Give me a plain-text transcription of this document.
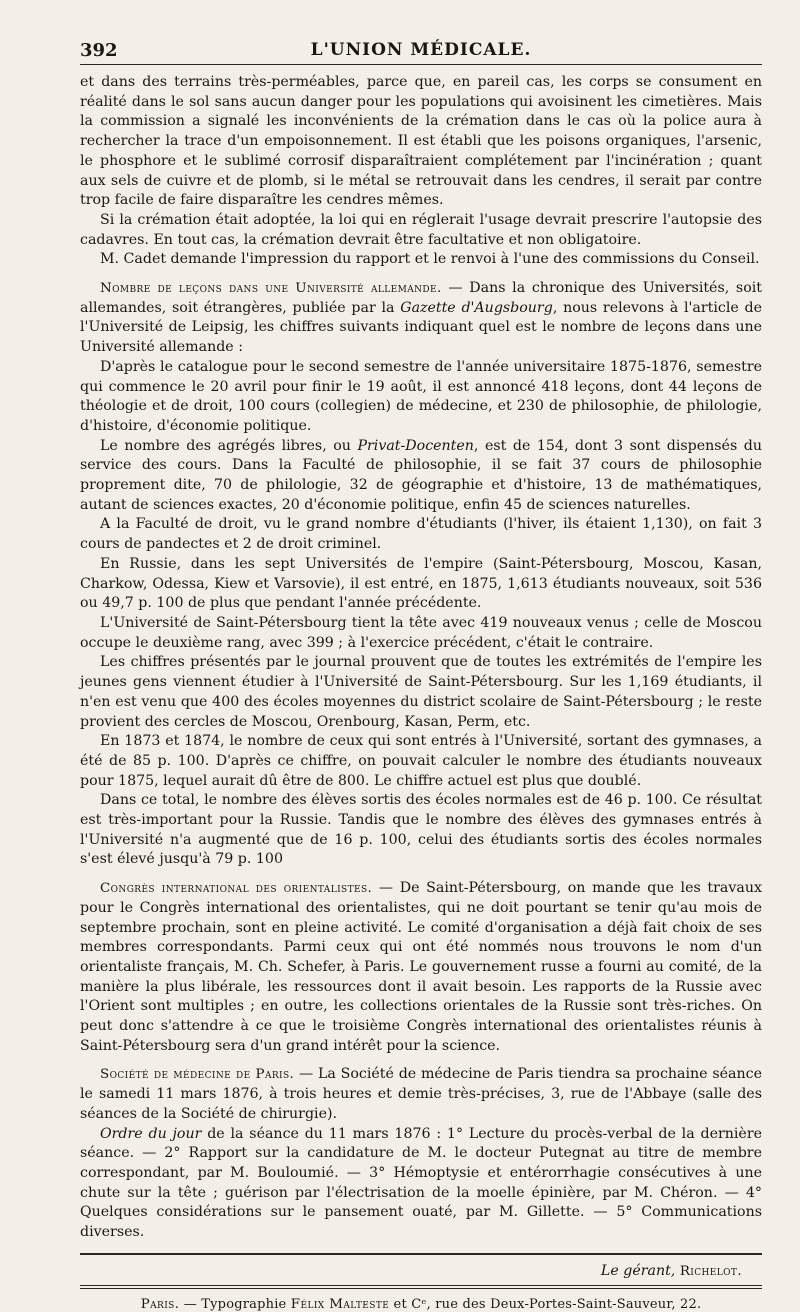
392	L'UNION MÉDICALE.

et dans des terrains très-perméables, parce que, en pareil cas, les corps se consument en réalité dans le sol sans aucun danger pour les populations qui avoisinent les cimetières. Mais la commission a signalé les inconvénients de la crémation dans le cas où la police aura à rechercher la trace d'un empoisonnement. Il est établi que les poisons organiques, l'arsenic, le phosphore et le sublimé corrosif disparaîtraient complétement par l'incinération ; quant aux sels de cuivre et de plomb, si le métal se retrouvait dans les cendres, il serait par contre trop facile de faire disparaître les cendres mêmes.

Si la crémation était adoptée, la loi qui en réglerait l'usage devrait prescrire l'autopsie des cadavres. En tout cas, la crémation devrait être facultative et non obligatoire.

M. Cadet demande l'impression du rapport et le renvoi à l'une des commissions du Conseil.

Nombre de leçons dans une Université allemande. — Dans la chronique des Universités, soit allemandes, soit étrangères, publiée par la Gazette d'Augsbourg, nous relevons à l'article de l'Université de Leipsig, les chiffres suivants indiquant quel est le nombre de leçons dans une Université allemande :

D'après le catalogue pour le second semestre de l'année universitaire 1875-1876, semestre qui commence le 20 avril pour finir le 19 août, il est annoncé 418 leçons, dont 44 leçons de théologie et de droit, 100 cours (collegien) de médecine, et 230 de philosophie, de philologie, d'histoire, d'économie politique.

Le nombre des agrégés libres, ou Privat-Docenten, est de 154, dont 3 sont dispensés du service des cours. Dans la Faculté de philosophie, il se fait 37 cours de philosophie proprement dite, 70 de philologie, 32 de géographie et d'histoire, 13 de mathématiques, autant de sciences exactes, 20 d'économie politique, enfin 45 de sciences naturelles.

A la Faculté de droit, vu le grand nombre d'étudiants (l'hiver, ils étaient 1,130), on fait 3 cours de pandectes et 2 de droit criminel.

En Russie, dans les sept Universités de l'empire (Saint-Pétersbourg, Moscou, Kasan, Charkow, Odessa, Kiew et Varsovie), il est entré, en 1875, 1,613 étudiants nouveaux, soit 536 ou 49,7 p. 100 de plus que pendant l'année précédente.

L'Université de Saint-Pétersbourg tient la tête avec 419 nouveaux venus ; celle de Moscou occupe le deuxième rang, avec 399 ; à l'exercice précédent, c'était le contraire.

Les chiffres présentés par le journal prouvent que de toutes les extrémités de l'empire les jeunes gens viennent étudier à l'Université de Saint-Pétersbourg. Sur les 1,169 étudiants, il n'en est venu que 400 des écoles moyennes du district scolaire de Saint-Pétersbourg ; le reste provient des cercles de Moscou, Orenbourg, Kasan, Perm, etc.

En 1873 et 1874, le nombre de ceux qui sont entrés à l'Université, sortant des gymnases, a été de 85 p. 100. D'après ce chiffre, on pouvait calculer le nombre des étudiants nouveaux pour 1875, lequel aurait dû être de 800. Le chiffre actuel est plus que doublé.

Dans ce total, le nombre des élèves sortis des écoles normales est de 46 p. 100. Ce résultat est très-important pour la Russie. Tandis que le nombre des élèves des gymnases entrés à l'Université n'a augmenté que de 16 p. 100, celui des étudiants sortis des écoles normales s'est élevé jusqu'à 79 p. 100

Congrès international des orientalistes. — De Saint-Pétersbourg, on mande que les travaux pour le Congrès international des orientalistes, qui ne doit pourtant se tenir qu'au mois de septembre prochain, sont en pleine activité. Le comité d'organisation a déjà fait choix de ses membres correspondants. Parmi ceux qui ont été nommés nous trouvons le nom d'un orientaliste français, M. Ch. Schefer, à Paris. Le gouvernement russe a fourni au comité, de la manière la plus libérale, les ressources dont il avait besoin. Les rapports de la Russie avec l'Orient sont multiples ; en outre, les collections orientales de la Russie sont très-riches. On peut donc s'attendre à ce que le troisième Congrès international des orientalistes réunis à Saint-Pétersbourg sera d'un grand intérêt pour la science.

Société de médecine de Paris. — La Société de médecine de Paris tiendra sa prochaine séance le samedi 11 mars 1876, à trois heures et demie très-précises, 3, rue de l'Abbaye (salle des séances de la Société de chirurgie).

Ordre du jour de la séance du 11 mars 1876 : 1° Lecture du procès-verbal de la dernière séance. — 2° Rapport sur la candidature de M. le docteur Putegnat au titre de membre correspondant, par M. Bouloumié. — 3° Hémoptysie et entérorrhagie consécutives à une chute sur la tête ; guérison par l'électrisation de la moelle épinière, par M. Chéron. — 4° Quelques considérations sur le pansement ouaté, par M. Gillette. — 5° Communications diverses.

Le gérant, Richelot.
Paris. — Typographie Félix Malteste et Cᵉ, rue des Deux-Portes-Saint-Sauveur, 22.
